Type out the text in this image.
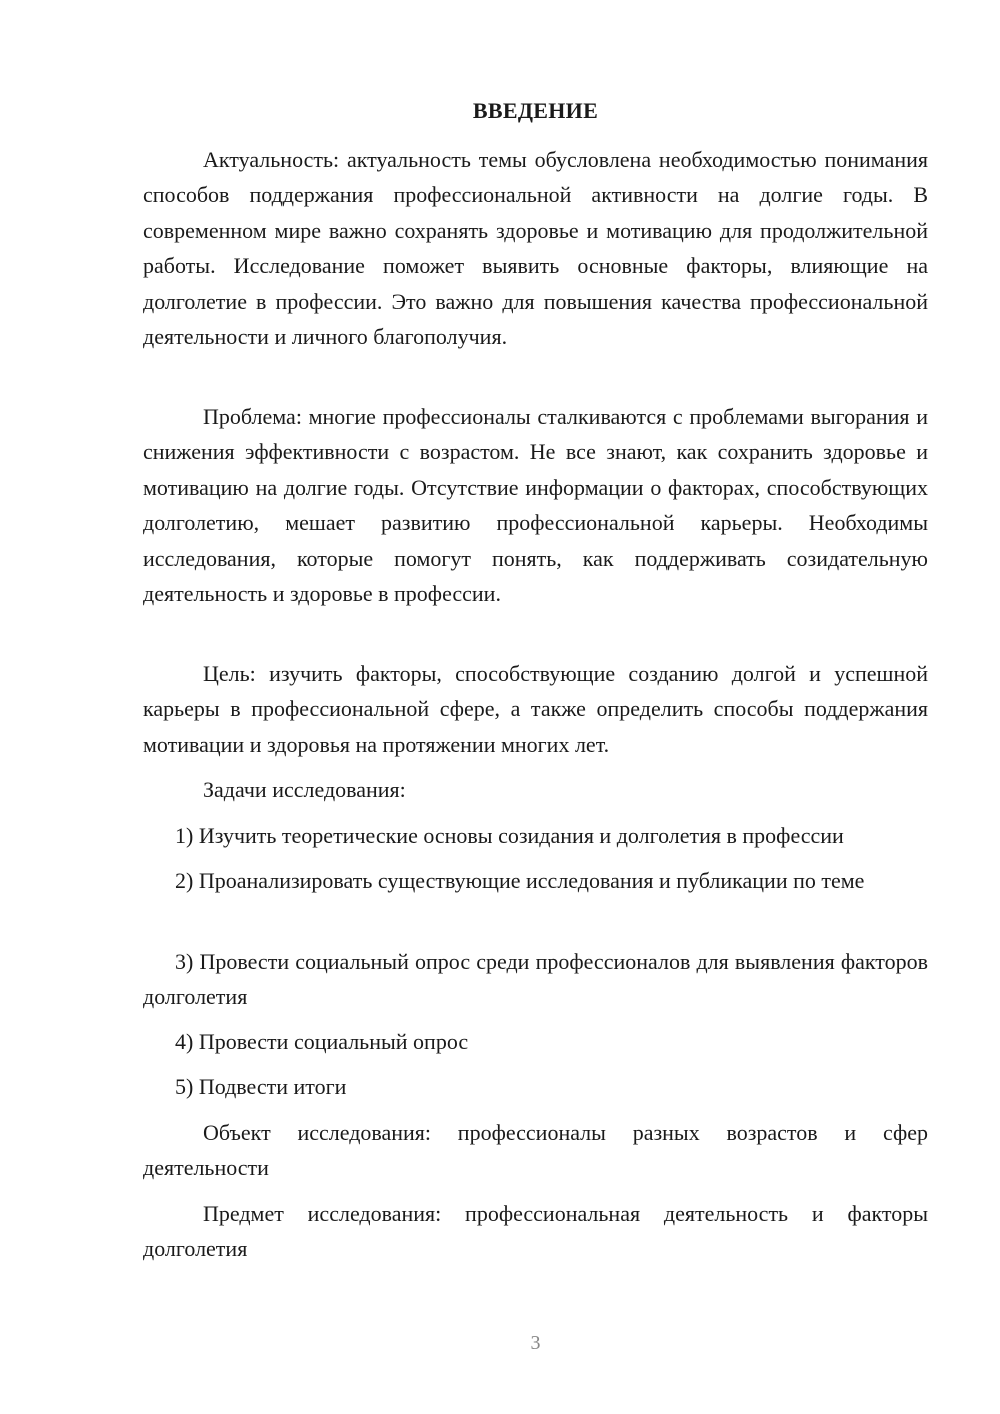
ВВЕДЕНИЕ

Актуальность: актуальность темы обусловлена необходимостью понимания способов поддержания профессиональной активности на долгие годы. В современном мире важно сохранять здоровье и мотивацию для продолжительной работы. Исследование поможет выявить основные факторы, влияющие на долголетие в профессии. Это важно для повышения качества профессиональной деятельности и личного благополучия.

Проблема: многие профессионалы сталкиваются с проблемами выгорания и снижения эффективности с возрастом. Не все знают, как сохранить здоровье и мотивацию на долгие годы. Отсутствие информации о факторах, способствующих долголетию, мешает развитию профессиональной карьеры. Необходимы исследования, которые помогут понять, как поддерживать созидательную деятельность и здоровье в профессии.

Цель: изучить факторы, способствующие созданию долгой и успешной карьеры в профессиональной сфере, а также определить способы поддержания мотивации и здоровья на протяжении многих лет.

Задачи исследования:

1) Изучить теоретические основы созидания и долголетия в профессии

2) Проанализировать существующие исследования и публикации по теме

3) Провести социальный опрос среди профессионалов для выявления факторов долголетия

4) Провести социальный опрос

5) Подвести итоги

Объект исследования: профессионалы разных возрастов и сфер деятельности

Предмет исследования: профессиональная деятельность и факторы долголетия

3
